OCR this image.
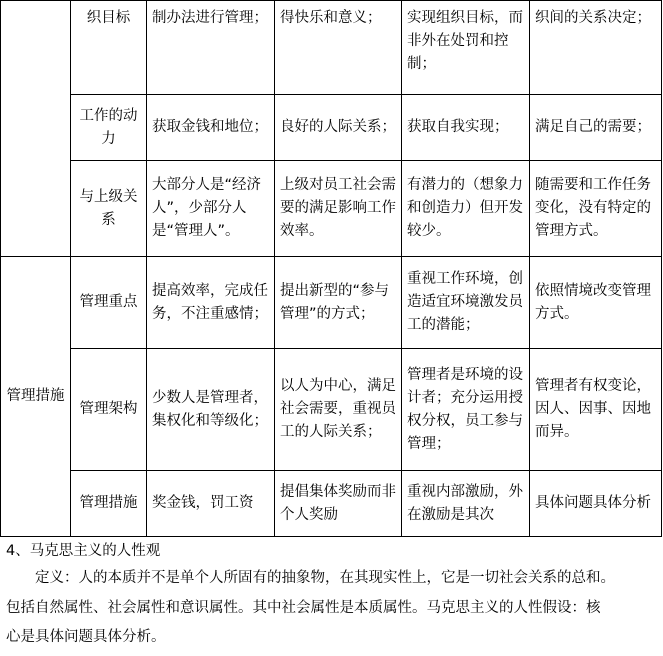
	织目标	制办法进行管理；	得快乐和意义；	实现组织目标，而非外在处罚和控制；	织间的关系决定；
	工作的动力	获取金钱和地位；	良好的人际关系；	获取自我实现；	满足自己的需要；
	与上级关系	大部分人是“经济人”，少部分人是“管理人”。	上级对员工社会需要的满足影响工作效率。	有潜力的（想象力和创造力）但开发较少。	随需要和工作任务变化，没有特定的管理方式。
管理措施	管理重点	提高效率，完成任务，不注重感情；	提出新型的“参与管理”的方式；	重视工作环境，创造适宜环境激发员工的潜能；	依照情境改变管理方式。
	管理架构	少数人是管理者，集权化和等级化；	以人为中心，满足社会需要，重视员工的人际关系；	管理者是环境的设计者；充分运用授权分权，员工参与管理；	管理者有权变论，因人、因事、因地而异。
	管理措施	奖金钱，罚工资	提倡集体奖励而非个人奖励	重视内部激励，外在激励是其次	具体问题具体分析
4、马克思主义的人性观
定义：人的本质并不是单个人所固有的抽象物，在其现实性上，它是一切社会关系的总和。
包括自然属性、社会属性和意识属性。其中社会属性是本质属性。马克思主义的人性假设：核
心是具体问题具体分析。
